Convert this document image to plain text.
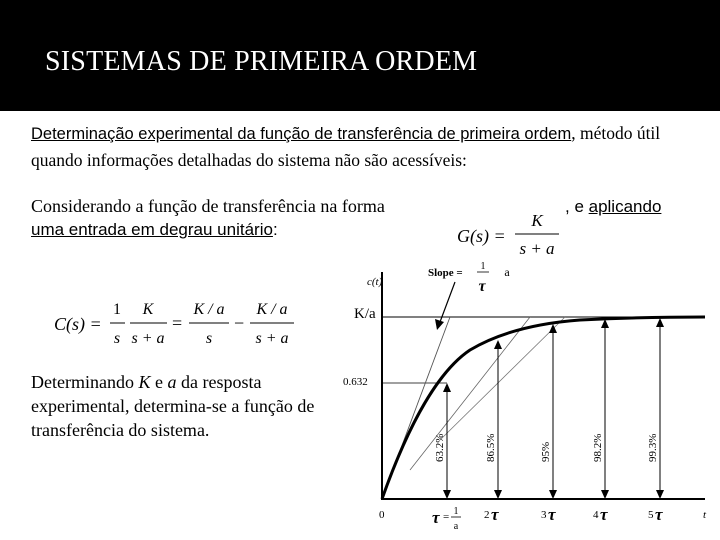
SISTEMAS DE PRIMEIRA ORDEM
Determinação experimental da função de transferência de primeira ordem, método útil quando informações detalhadas do sistema não são acessíveis:
Considerando a função de transferência na forma	, e aplicando
uma entrada em degrau unitário:	G(s) =
K
s + a
C(s) =
1
s
K
s + a
=
K / a
s
−
K / a
s + a
Determinando K e a da resposta experimental, determina-se a função de transferência do sistema.
c(t)
t
K/a
0.632
Slope =
1
τ
a
63.2%	86.5%	95%	98.2%	99.3%
0	τ = 1
a
2 τ	3 τ	4 τ	5 τ
